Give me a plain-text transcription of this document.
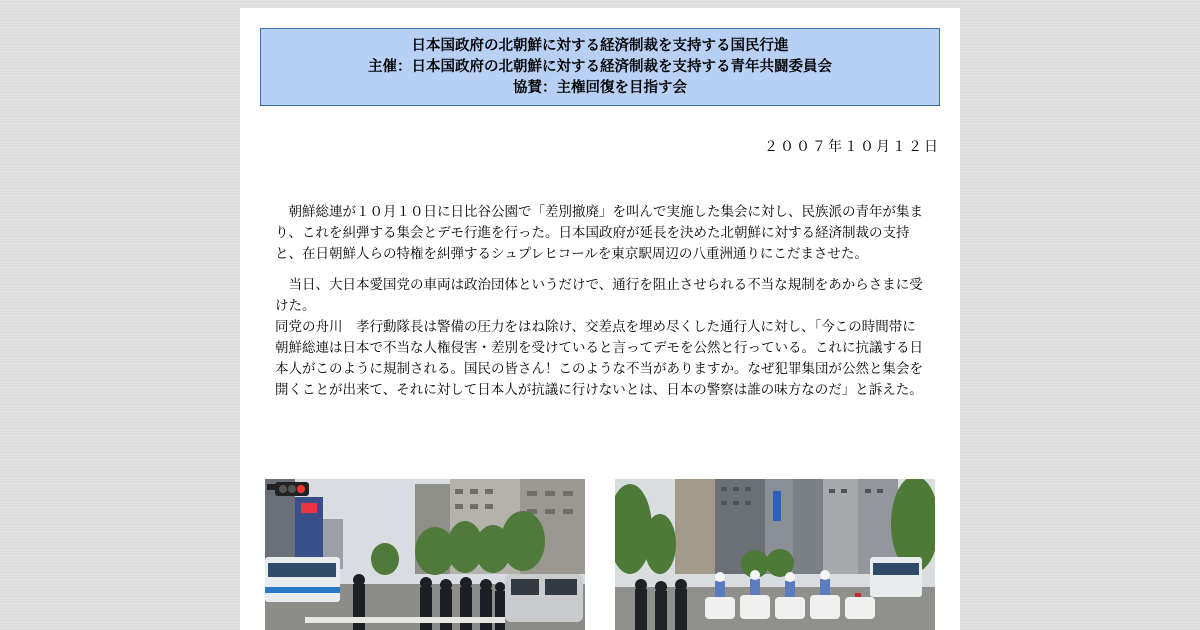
日本国政府の北朝鮮に対する経済制裁を支持する国民行進
主催：日本国政府の北朝鮮に対する経済制裁を支持する青年共闘委員会
協賛：主権回復を目指す会
２００７年１０月１２日

　朝鮮総連が１０月１０日に日比谷公園で「差別撤廃」を叫んで実施した集会に対し、民族派の青年が集まり、これを糾弾する集会とデモ行進を行った。日本国政府が延長を決めた北朝鮮に対する経済制裁の支持と、在日朝鮮人らの特権を糾弾するシュプレヒコールを東京駅周辺の八重洲通りにこだまさせた。

　当日、大日本愛国党の車両は政治団体というだけで、通行を阻止させられる不当な規制をあからさまに受けた。

同党の舟川　孝行動隊長は警備の圧力をはね除け、交差点を埋め尽くした通行人に対し、「今この時間帯に朝鮮総連は日本で不当な人権侵害・差別を受けていると言ってデモを公然と行っている。これに抗議する日本人がこのように規制される。国民の皆さん！このような不当がありますか。なぜ犯罪集団が公然と集会を開くことが出来て、それに対して日本人が抗議に行けないとは、日本の警察は誰の味方なのだ」と訴えた。
